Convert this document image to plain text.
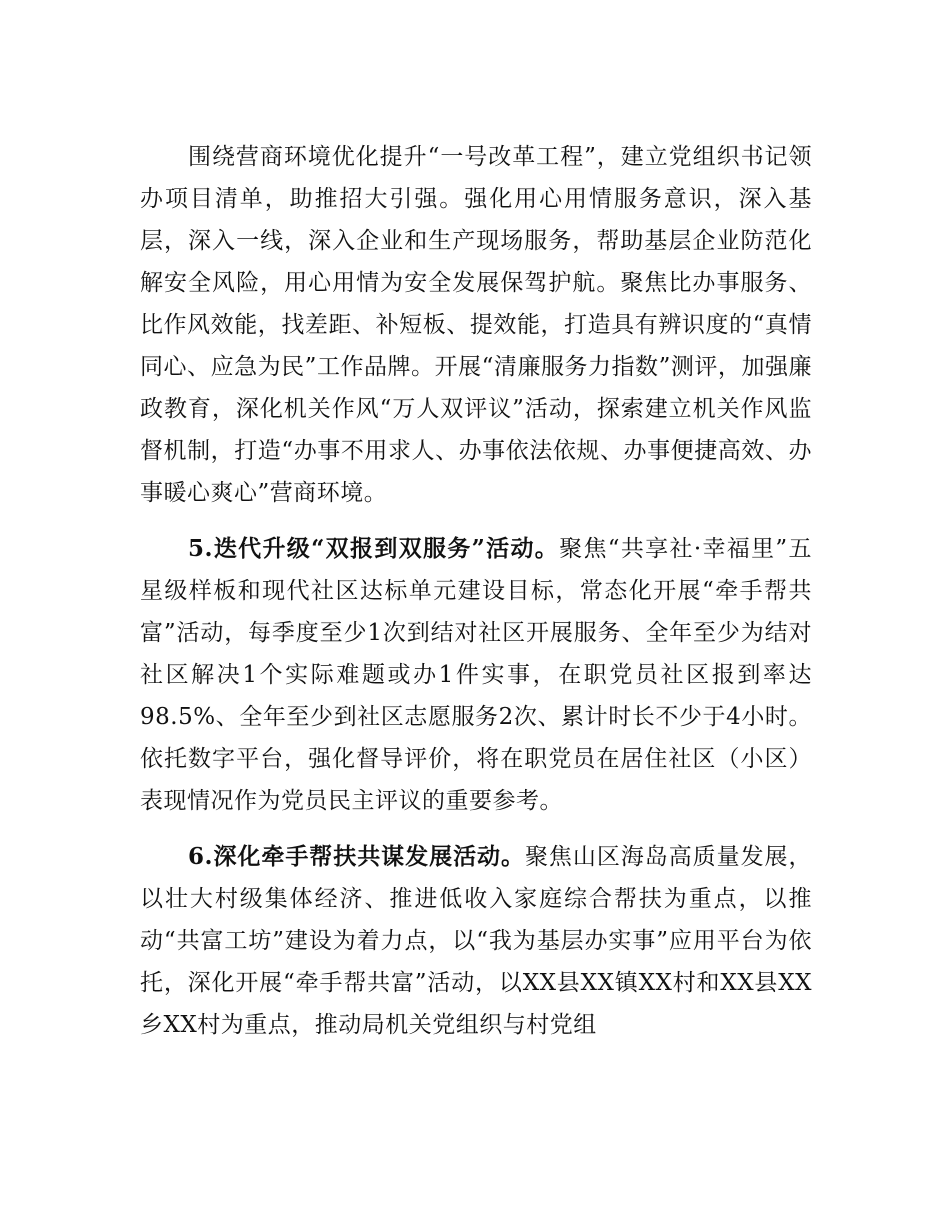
围绕营商环境优化提升“一号改革工程”，建立党组织书记领办项目清单，助推招大引强。强化用心用情服务意识，深入基层，深入一线，深入企业和生产现场服务，帮助基层企业防范化解安全风险，用心用情为安全发展保驾护航。聚焦比办事服务、比作风效能，找差距、补短板、提效能，打造具有辨识度的“真情同心、应急为民”工作品牌。开展“清廉服务力指数”测评，加强廉政教育，深化机关作风“万人双评议”活动，探索建立机关作风监督机制，打造“办事不用求人、办事依法依规、办事便捷高效、办事暖心爽心”营商环境。

5.迭代升级“双报到双服务”活动。聚焦“共享社·幸福里”五星级样板和现代社区达标单元建设目标，常态化开展“牵手帮共富”活动，每季度至少1次到结对社区开展服务、全年至少为结对社区解决1个实际难题或办1件实事，在职党员社区报到率达98.5%、全年至少到社区志愿服务2次、累计时长不少于4小时。依托数字平台，强化督导评价，将在职党员在居住社区（小区）表现情况作为党员民主评议的重要参考。

6.深化牵手帮扶共谋发展活动。聚焦山区海岛高质量发展，以壮大村级集体经济、推进低收入家庭综合帮扶为重点，以推动“共富工坊”建设为着力点，以“我为基层办实事”应用平台为依托，深化开展“牵手帮共富”活动，以XX县XX镇XX村和XX县XX乡XX村为重点，推动局机关党组织与村党组
